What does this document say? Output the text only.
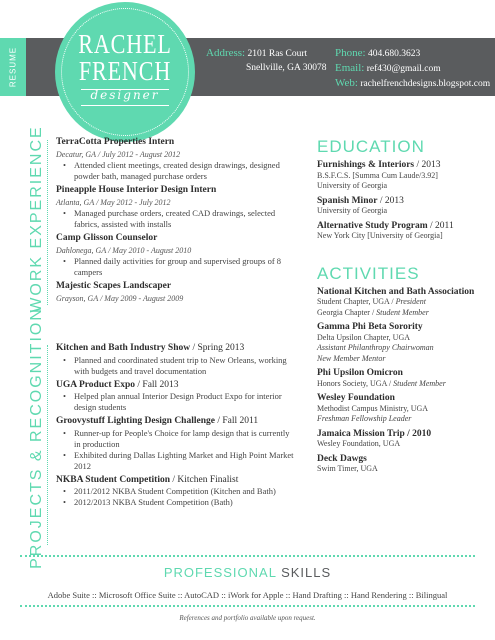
RESUME
RACHEL
FRENCH
designer
Address: 2101 Ras Court
Snellville, GA 30078
Phone: 404.680.3623
Email: ref430@gmail.com
Web: rachelfrenchdesigns.blogspot.com
WORK EXPERIENCE
PROJECTS & RECOGNITION
TerraCotta Properties Intern
Decatur, GA / July 2012 - August 2012
• Attended client meetings, created design drawings, designed powder bath, managed purchase orders
Pineapple House Interior Design Intern
Atlanta, GA / May 2012 - July 2012
• Managed purchase orders, created CAD drawings, selected fabrics, assisted with installs
Camp Glisson Counselor
Dahlonega, GA / May 2010 - August 2010
• Planned daily activities for group and supervised groups of 8 campers
Majestic Scapes Landscaper
Grayson, GA / May 2009 - August 2009
Kitchen and Bath Industry Show / Spring 2013
• Planned and coordinated student trip to New Orleans, working with budgets and travel documentation
UGA Product Expo / Fall 2013
• Helped plan annual Interior Design Product Expo for interior design students
Groovystuff Lighting Design Challenge / Fall 2011
• Runner-up for People's Choice for lamp design that is currently in production
• Exhibited during Dallas Lighting Market and High Point Market 2012
NKBA Student Competition / Kitchen Finalist
• 2011/2012 NKBA Student Competition (Kitchen and Bath)
• 2012/2013 NKBA Student Competition (Bath)
EDUCATION
Furnishings & Interiors / 2013
B.S.F.C.S. [Summa Cum Laude/3.92]
University of Georgia
Spanish Minor / 2013
University of Georgia
Alternative Study Program / 2011
New York City [University of Georgia]
ACTIVITIES
National Kitchen and Bath Association
Student Chapter, UGA / President
Georgia Chapter / Student Member
Gamma Phi Beta Sorority
Delta Upsilon Chapter, UGA
Assistant Philanthropy Chairwoman
New Member Mentor
Phi Upsilon Omicron
Honors Society, UGA / Student Member
Wesley Foundation
Methodist Campus Ministry, UGA
Freshman Fellowship Leader
Jamaica Mission Trip / 2010
Wesley Foundation, UGA
Deck Dawgs
Swim Timer, UGA
PROFESSIONAL SKILLS
Adobe Suite :: Microsoft Office Suite :: AutoCAD :: iWork for Apple :: Hand Drafting :: Hand Rendering :: Bilingual
References and portfolio available upon request.
